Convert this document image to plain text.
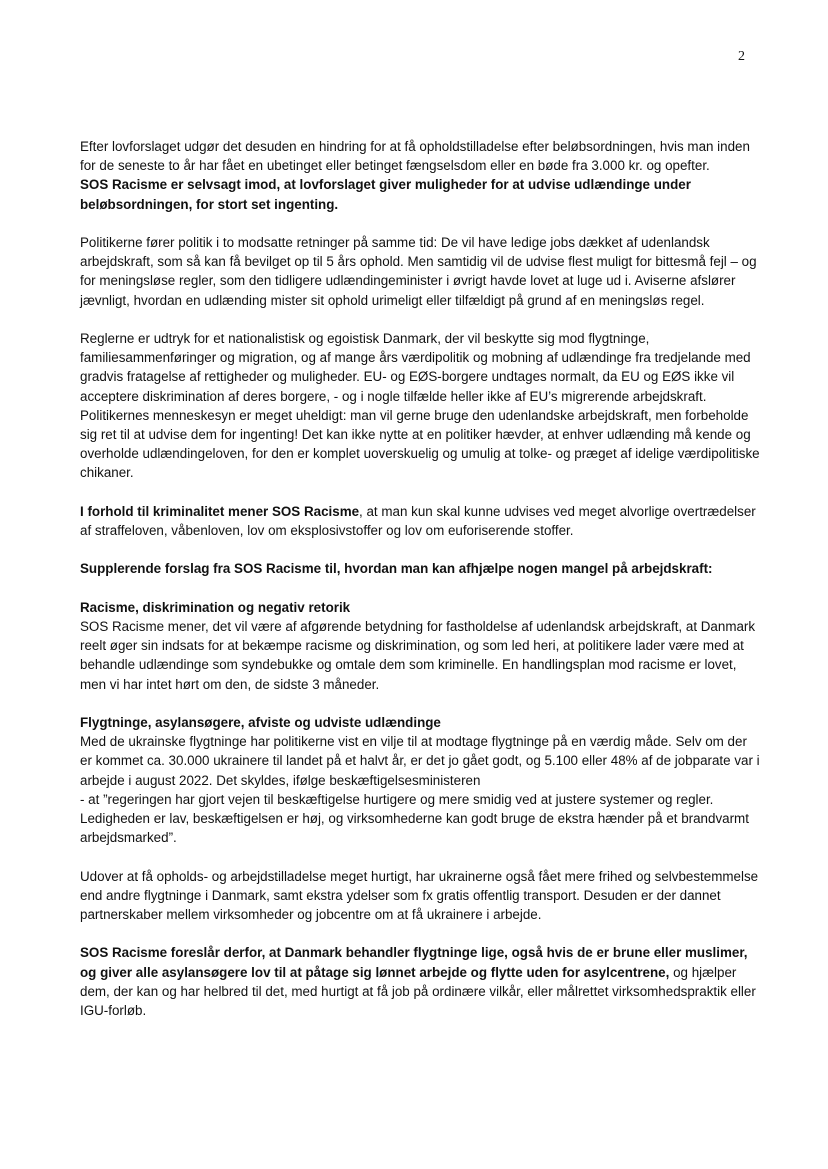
2

Efter lovforslaget udgør det desuden en hindring for at få opholdstilladelse efter beløbsordningen, hvis man inden for de seneste to år har fået en ubetinget eller betinget fængselsdom eller en bøde fra 3.000 kr. og opefter.

SOS Racisme er selvsagt imod, at lovforslaget giver muligheder for at udvise udlændinge under beløbsordningen, for stort set ingenting.

Politikerne fører politik i to modsatte retninger på samme tid: De vil have ledige jobs dækket af udenlandsk arbejdskraft, som så kan få bevilget op til 5 års ophold. Men samtidig vil de udvise flest muligt for bittesmå fejl – og for meningsløse regler, som den tidligere udlændingeminister i øvrigt havde lovet at luge ud i. Aviserne afslører jævnligt, hvordan en udlænding mister sit ophold urimeligt eller tilfældigt på grund af en meningsløs regel.

Reglerne er udtryk for et nationalistisk og egoistisk Danmark, der vil beskytte sig mod flygtninge, familiesammenføringer og migration, og af mange års værdipolitik og mobning af udlændinge fra tredjelande med gradvis fratagelse af rettigheder og muligheder. EU- og EØS-borgere undtages normalt, da EU og EØS ikke vil acceptere diskrimination af deres borgere, - og i nogle tilfælde heller ikke af EU’s migrerende arbejdskraft.

Politikernes menneskesyn er meget uheldigt: man vil gerne bruge den udenlandske arbejdskraft, men forbeholde sig ret til at udvise dem for ingenting! Det kan ikke nytte at en politiker hævder, at enhver udlænding må kende og overholde udlændingeloven, for den er komplet uoverskuelig og umulig at tolke- og præget af idelige værdipolitiske chikaner.

I forhold til kriminalitet mener SOS Racisme, at man kun skal kunne udvises ved meget alvorlige overtrædelser af straffeloven, våbenloven, lov om eksplosivstoffer og lov om euforiserende stoffer.

Supplerende forslag fra SOS Racisme til, hvordan man kan afhjælpe nogen mangel på arbejdskraft:

Racisme, diskrimination og negativ retorik

SOS Racisme mener, det vil være af afgørende betydning for fastholdelse af udenlandsk arbejdskraft, at Danmark reelt øger sin indsats for at bekæmpe racisme og diskrimination, og som led heri, at politikere lader være med at behandle udlændinge som syndebukke og omtale dem som kriminelle. En handlingsplan mod racisme er lovet, men vi har intet hørt om den, de sidste 3 måneder.

Flygtninge, asylansøgere, afviste og udviste udlændinge

Med de ukrainske flygtninge har politikerne vist en vilje til at modtage flygtninge på en værdig måde. Selv om der er kommet ca. 30.000 ukrainere til landet på et halvt år, er det jo gået godt, og 5.100 eller 48% af de jobparate var i arbejde i august 2022. Det skyldes, ifølge beskæftigelsesministeren

- at ”regeringen har gjort vejen til beskæftigelse hurtigere og mere smidig ved at justere systemer og regler. Ledigheden er lav, beskæftigelsen er høj, og virksomhederne kan godt bruge de ekstra hænder på et brandvarmt arbejdsmarked”.

Udover at få opholds- og arbejdstilladelse meget hurtigt, har ukrainerne også fået mere frihed og selvbestemmelse end andre flygtninge i Danmark, samt ekstra ydelser som fx gratis offentlig transport. Desuden er der dannet partnerskaber mellem virksomheder og jobcentre om at få ukrainere i arbejde.

SOS Racisme foreslår derfor, at Danmark behandler flygtninge lige, også hvis de er brune eller muslimer, og giver alle asylansøgere lov til at påtage sig lønnet arbejde og flytte uden for asylcentrene, og hjælper dem, der kan og har helbred til det, med hurtigt at få job på ordinære vilkår, eller målrettet virksomhedspraktik eller IGU-forløb.
